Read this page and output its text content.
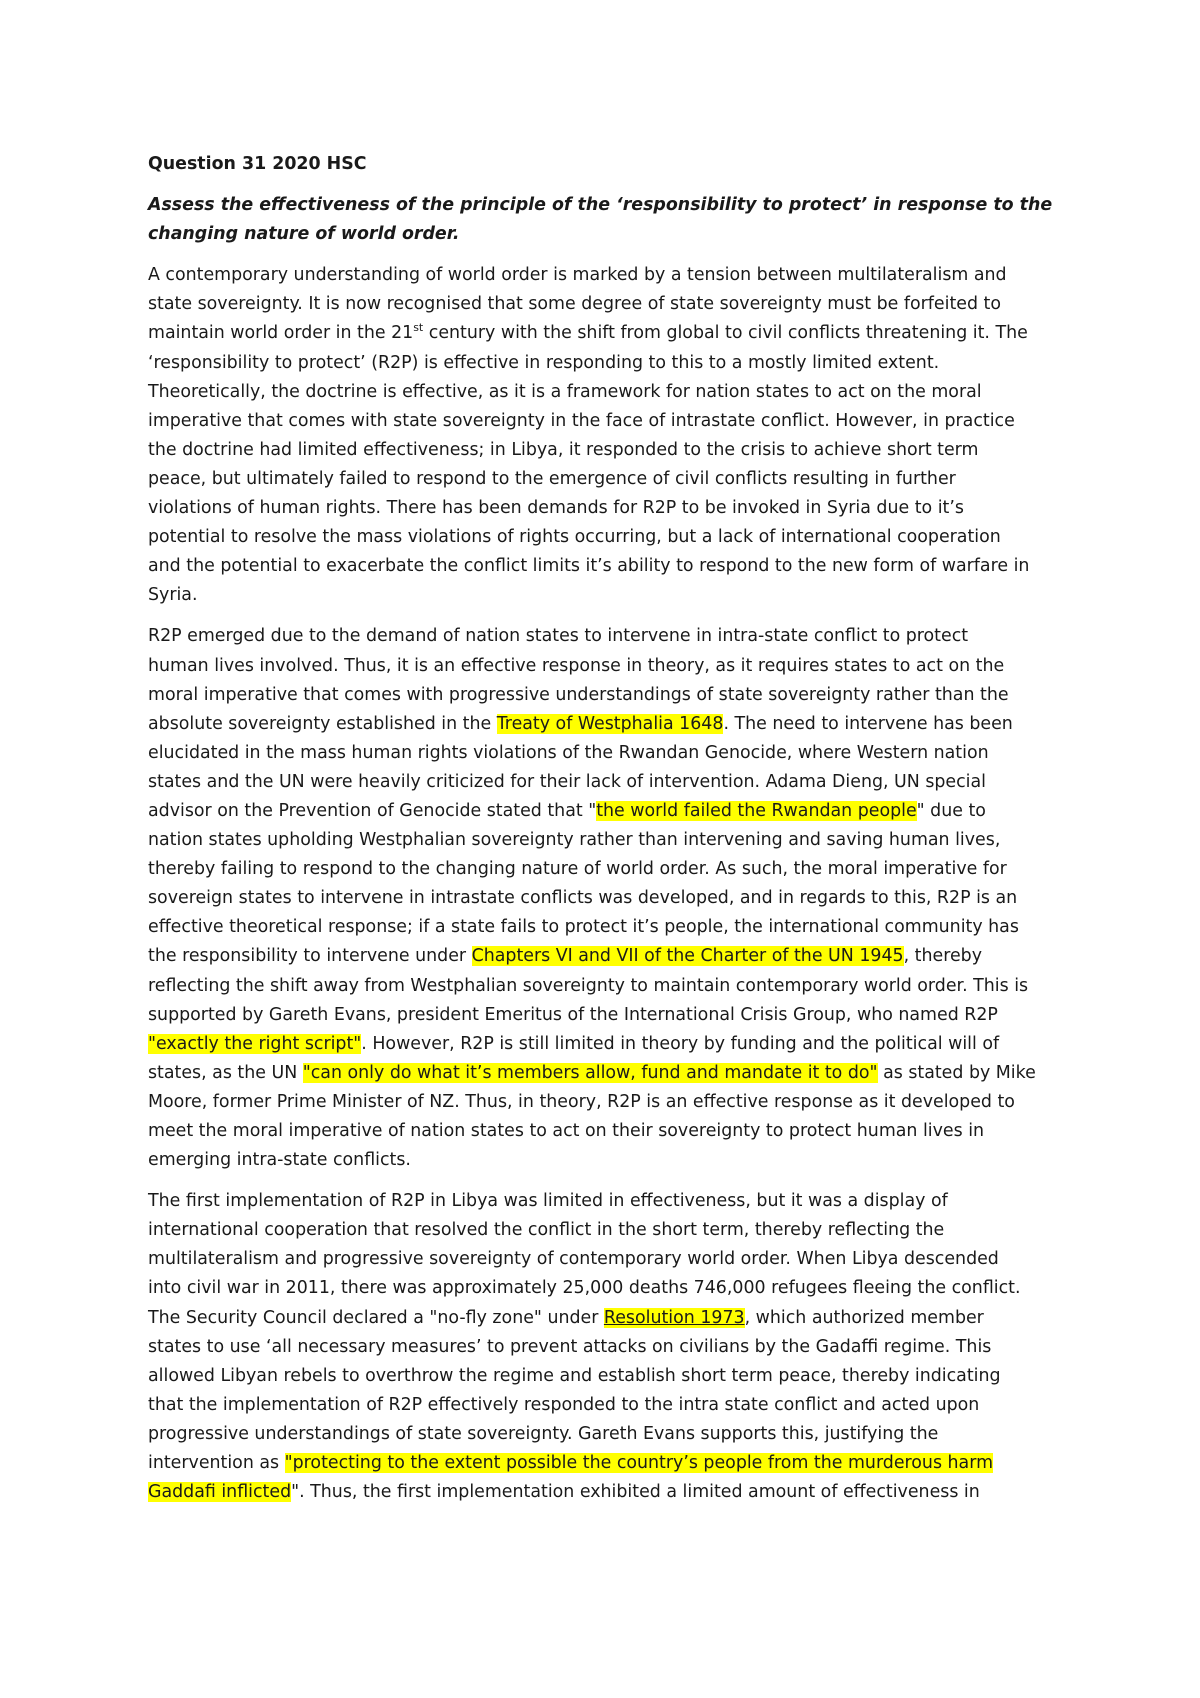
Question 31 2020 HSC
Assess the effectiveness of the principle of the ‘responsibility to protect’ in response to the
changing nature of world order.

A contemporary understanding of world order is marked by a tension between multilateralism and
state sovereignty. It is now recognised that some degree of state sovereignty must be forfeited to
maintain world order in the 21st century with the shift from global to civil conflicts threatening it. The
‘responsibility to protect’ (R2P) is effective in responding to this to a mostly limited extent.
Theoretically, the doctrine is effective, as it is a framework for nation states to act on the moral
imperative that comes with state sovereignty in the face of intrastate conflict. However, in practice
the doctrine had limited effectiveness; in Libya, it responded to the crisis to achieve short term
peace, but ultimately failed to respond to the emergence of civil conflicts resulting in further
violations of human rights. There has been demands for R2P to be invoked in Syria due to it’s
potential to resolve the mass violations of rights occurring, but a lack of international cooperation
and the potential to exacerbate the conflict limits it’s ability to respond to the new form of warfare in
Syria.

R2P emerged due to the demand of nation states to intervene in intra-state conflict to protect
human lives involved. Thus, it is an effective response in theory, as it requires states to act on the
moral imperative that comes with progressive understandings of state sovereignty rather than the
absolute sovereignty established in the Treaty of Westphalia 1648. The need to intervene has been
elucidated in the mass human rights violations of the Rwandan Genocide, where Western nation
states and the UN were heavily criticized for their lack of intervention. Adama Dieng, UN special
advisor on the Prevention of Genocide stated that "the world failed the Rwandan people" due to
nation states upholding Westphalian sovereignty rather than intervening and saving human lives,
thereby failing to respond to the changing nature of world order. As such, the moral imperative for
sovereign states to intervene in intrastate conflicts was developed, and in regards to this, R2P is an
effective theoretical response; if a state fails to protect it’s people, the international community has
the responsibility to intervene under Chapters VI and VII of the Charter of the UN 1945, thereby
reflecting the shift away from Westphalian sovereignty to maintain contemporary world order. This is
supported by Gareth Evans, president Emeritus of the International Crisis Group, who named R2P
"exactly the right script". However, R2P is still limited in theory by funding and the political will of
states, as the UN "can only do what it’s members allow, fund and mandate it to do" as stated by Mike
Moore, former Prime Minister of NZ. Thus, in theory, R2P is an effective response as it developed to
meet the moral imperative of nation states to act on their sovereignty to protect human lives in
emerging intra-state conflicts.

The first implementation of R2P in Libya was limited in effectiveness, but it was a display of
international cooperation that resolved the conflict in the short term, thereby reflecting the
multilateralism and progressive sovereignty of contemporary world order. When Libya descended
into civil war in 2011, there was approximately 25,000 deaths 746,000 refugees fleeing the conflict.
The Security Council declared a "no-fly zone" under Resolution 1973, which authorized member
states to use ‘all necessary measures’ to prevent attacks on civilians by the Gadaffi regime. This
allowed Libyan rebels to overthrow the regime and establish short term peace, thereby indicating
that the implementation of R2P effectively responded to the intra state conflict and acted upon
progressive understandings of state sovereignty. Gareth Evans supports this, justifying the
intervention as "protecting to the extent possible the country’s people from the murderous harm
Gaddafi inflicted". Thus, the first implementation exhibited a limited amount of effectiveness in
